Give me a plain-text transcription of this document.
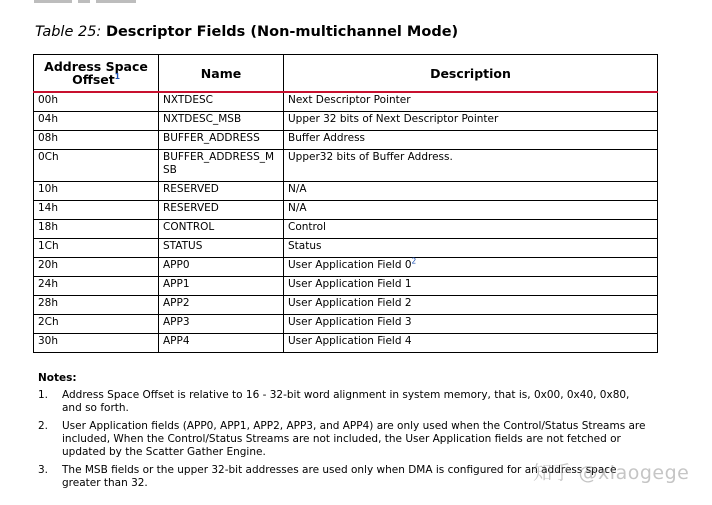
Table 25: Descriptor Fields (Non-multichannel Mode)
Address Space Offset$^1$	Name	Description
00h	NXTDESC	Next Descriptor Pointer
04h	NXTDESC_MSB	Upper 32 bits of Next Descriptor Pointer
08h	BUFFER_ADDRESS	Buffer Address
0Ch	BUFFER_ADDRESS_MSB	Upper32 bits of Buffer Address.
10h	RESERVED	N/A
14h	RESERVED	N/A
18h	CONTROL	Control
1Ch	STATUS	Status
20h	APP0	User Application Field 0$^2$
24h	APP1	User Application Field 1
28h	APP2	User Application Field 2
2Ch	APP3	User Application Field 3
30h	APP4	User Application Field 4
Notes:
1. Address Space Offset is relative to 16 - 32-bit word alignment in system memory, that is, 0x00, 0x40, 0x80, and so forth.
2. User Application fields (APP0, APP1, APP2, APP3, and APP4) are only used when the Control/Status Streams are included, When the Control/Status Streams are not included, the User Application fields are not fetched or updated by the Scatter Gather Engine.
3. The MSB fields or the upper 32-bit addresses are used only when DMA is configured for an address space greater than 32.	知乎 @xiaogege
